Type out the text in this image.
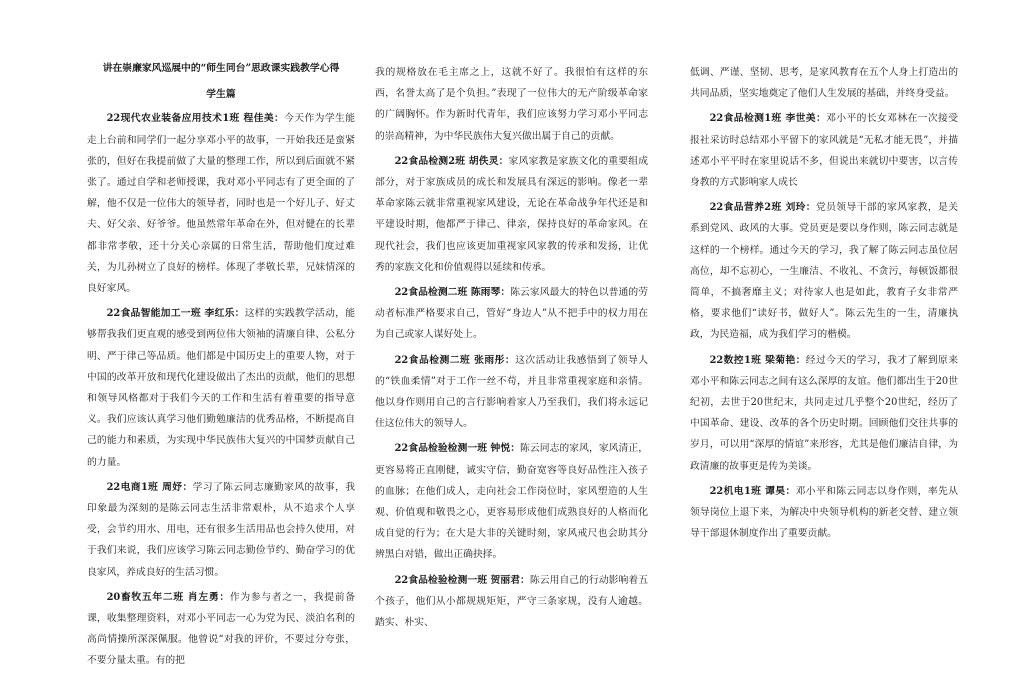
讲在崇廉家风巡展中的“师生同台”思政课实践教学心得
学生篇

22现代农业装备应用技术1班 程佳美：今天作为学生能走上台前和同学们一起分享邓小平的故事，一开始我还是蛮紧张的，但好在我提前做了大量的整理工作，所以到后面就不紧张了。通过自学和老师授课，我对邓小平同志有了更全面的了解，他不仅是一位伟大的领导者，同时也是一个好儿子、好丈夫、好父亲、好爷爷。他虽然常年革命在外，但对健在的长辈都非常孝敬，还十分关心亲属的日常生活，帮助他们度过难关，为儿孙树立了良好的榜样。体现了孝敬长辈，兄妹情深的良好家风。

22食品智能加工一班 李红乐：这样的实践教学活动，能够帮我我们更直观的感受到两位伟大领袖的清廉自律、公私分明、严于律己等品质。他们都是中国历史上的重要人物，对于中国的改革开放和现代化建设做出了杰出的贡献，他们的思想和领导风格都对于我们今天的工作和生活有着重要的指导意义。我们应该认真学习他们勤勉廉洁的优秀品格，不断提高自己的能力和素质，为实现中华民族伟大复兴的中国梦贡献自己的力量。

22电商1班 周妤：学习了陈云同志廉勤家风的故事，我印象最为深刻的是陈云同志生活非常艰朴，从不追求个人享受，会节约用水、用电，还有很多生活用品也会持久使用，对于我们来说，我们应该学习陈云同志勤俭节约、勤奋学习的优良家风，养成良好的生活习惯。

20畜牧五年二班 肖左勇：作为参与者之一，我提前备课，收集整理资料，对邓小平同志一心为党为民、淡泊名利的高尚情操所深深佩服。他曾说“对我的评价，不要过分夸张，不要分量太重。有的把

我的规格放在毛主席之上，这就不好了。我很怕有这样的东西，名誉太高了是个负担。”表现了一位伟大的无产阶级革命家的广阔胸怀。作为新时代青年，我们应该努力学习邓小平同志的崇高精神，为中华民族伟大复兴做出属于自己的贡献。

22食品检测2班 胡佚灵：家风家教是家族文化的重要组成部分，对于家族成员的成长和发展具有深远的影响。像老一辈革命家陈云就非常重视家风建设，无论在革命战争年代还是和平建设时期，他都严于律己、律亲，保持良好的革命家风。在现代社会，我们也应该更加重视家风家教的传承和发扬，让优秀的家族文化和价值观得以延续和传承。

22食品检测二班 陈雨琴：陈云家风最大的特色以普通的劳动者标准严格要求自己，管好“身边人”从不把手中的权力用在为自己或家人谋好处上。

22食品检测二班 张雨彤：这次活动让我感悟到了领导人的“铁血柔情”对于工作一丝不苟，并且非常重视家庭和亲情。他以身作则用自己的言行影响着家人乃至我们，我们将永远记住这位伟大的领导人。

22食品检验检测一班 钟悦：陈云同志的家风，家风清正，更容易将正直刚健，诚实守信，勤奋宽容等良好品性注入孩子的血脉；在他们成人，走向社会工作岗位时，家风塑造的人生观、价值观和敬畏之心，更容易形成他们成熟良好的人格而化成自觉的行为；在大是大非的关键时刻，家风戒尺也会助其分辨黑白对错，做出正确抉择。

22食品检验检测一班 贺丽君：陈云用自己的行动影响着五个孩子，他们从小都规规矩矩，严守三条家规，没有人逾越。踏实、朴实、

低调、严谨、坚韧、思考，是家风教育在五个人身上打造出的共同品质，坚实地奠定了他们人生发展的基础，并终身受益。

22食品检测1班 李世美：邓小平的长女邓林在一次接受报社采访时总结邓小平留下的家风就是“无私才能无畏”，并描述邓小平平时在家里说话不多，但说出来就切中要害，以言传身教的方式影响家人成长

22食品营养2班 刘玲：党员领导干部的家风家教，是关系到党风、政风的大事。党员更是要以身作则，陈云同志就是这样的一个榜样。通过今天的学习，我了解了陈云同志虽位居高位，却不忘初心，一生廉洁、不收礼、不贪污，每顿饭都很简单，不搞奢靡主义；对待家人也是如此，教育子女非常严格，要求他们“读好书，做好人”。陈云先生的一生，清廉执政，为民造福，成为我们学习的楷模。

22数控1班 梁菊艳：经过今天的学习，我才了解到原来邓小平和陈云同志之间有这么深厚的友谊。他们都出生于20世纪初，去世于20世纪末，共同走过几乎整个20世纪，经历了中国革命、建设、改革的各个历史时期。回顾他们交往共事的岁月，可以用“深厚的情谊”来形容，尤其是他们廉洁自律，为政清廉的故事更是传为美谈。

22机电1班 谭昊：邓小平和陈云同志以身作则，率先从领导岗位上退下来，为解决中央领导机构的新老交替、建立领导干部退休制度作出了重要贡献。
